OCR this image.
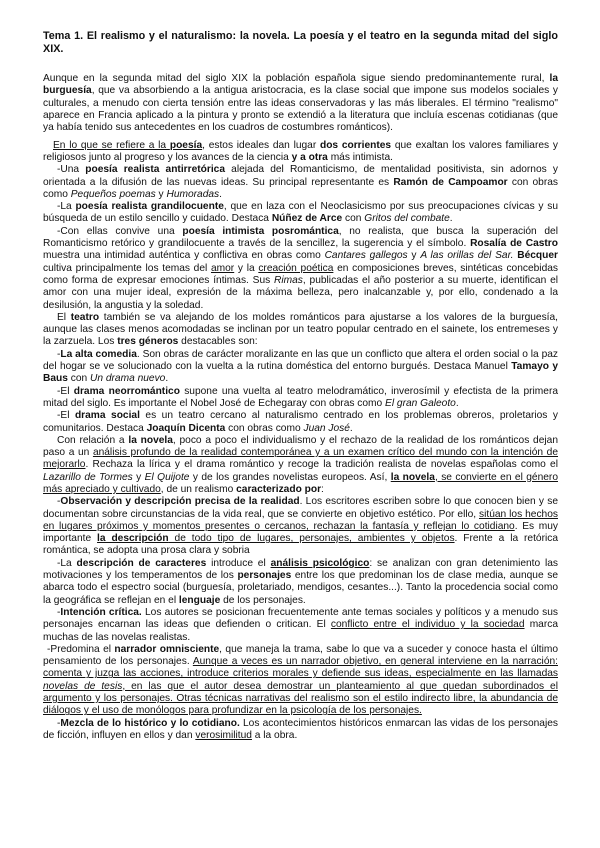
Tema 1. El realismo y el naturalismo: la novela. La poesía y el teatro en la segunda mitad del siglo XIX.

Aunque en la segunda mitad del siglo XIX la población española sigue siendo predominantemente rural, la burguesía, que va absorbiendo a la antigua aristocracia, es la clase social que impone sus modelos sociales y culturales, a menudo con cierta tensión entre las ideas conservadoras y las más liberales. El término "realismo" aparece en Francia aplicado a la pintura y pronto se extendió a la literatura que incluía escenas cotidianas (que ya había tenido sus antecedentes en los cuadros de costumbres románticos).

En lo que se refiere a la poesía, estos ideales dan lugar dos corrientes que exaltan los valores familiares y religiosos junto al progreso y los avances de la ciencia y a otra más intimista.

-Una poesía realista antirretórica alejada del Romanticismo, de mentalidad positivista, sin adornos y orientada a la difusión de las nuevas ideas. Su principal representante es Ramón de Campoamor con obras como Pequeños poemas y Humoradas.

-La poesía realista grandilocuente, que en laza con el Neoclasicismo por sus preocupaciones cívicas y su búsqueda de un estilo sencillo y cuidado. Destaca Núñez de Arce con Gritos del combate.

-Con ellas convive una poesía intimista posromántica, no realista, que busca la superación del Romanticismo retórico y grandilocuente a través de la sencillez, la sugerencia y el símbolo. Rosalía de Castro muestra una intimidad auténtica y conflictiva en obras como Cantares gallegos y A las orillas del Sar. Bécquer cultiva principalmente los temas del amor y la creación poética en composiciones breves, sintéticas concebidas como forma de expresar emociones íntimas. Sus Rimas, publicadas el año posterior a su muerte, identifican el amor con una mujer ideal, expresión de la máxima belleza, pero inalcanzable y, por ello, condenado a la desilusión, la angustia y la soledad.

El teatro también se va alejando de los moldes románticos para ajustarse a los valores de la burguesía, aunque las clases menos acomodadas se inclinan por un teatro popular centrado en el sainete, los entremeses y la zarzuela. Los tres géneros destacables son:

-La alta comedia. Son obras de carácter moralizante en las que un conflicto que altera el orden social o la paz del hogar se ve solucionado con la vuelta a la rutina doméstica del entorno burgués. Destaca Manuel Tamayo y Baus con Un drama nuevo.

-El drama neorromántico supone una vuelta al teatro melodramático, inverosímil y efectista de la primera mitad del siglo. Es importante el Nobel José de Echegaray con obras como El gran Galeoto.

-El drama social es un teatro cercano al naturalismo centrado en los problemas obreros, proletarios y comunitarios. Destaca Joaquín Dicenta con obras como Juan José.

Con relación a la novela, poco a poco el individualismo y el rechazo de la realidad de los románticos dejan paso a un análisis profundo de la realidad contemporánea y a un examen crítico del mundo con la intención de mejorarlo. Rechaza la lírica y el drama romántico y recoge la tradición realista de novelas españolas como el Lazarillo de Tormes y El Quijote y de los grandes novelistas europeos. Así, la novela, se convierte en el género más apreciado y cultivado, de un realismo caracterizado por:

-Observación y descripción precisa de la realidad. Los escritores escriben sobre lo que conocen bien y se documentan sobre circunstancias de la vida real, que se convierte en objetivo estético. Por ello, sitúan los hechos en lugares próximos y momentos presentes o cercanos, rechazan la fantasía y reflejan lo cotidiano. Es muy importante la descripción de todo tipo de lugares, personajes, ambientes y objetos. Frente a la retórica romántica, se adopta una prosa clara y sobria

-La descripción de caracteres introduce el análisis psicológico: se analizan con gran detenimiento las motivaciones y los temperamentos de los personajes entre los que predominan los de clase media, aunque se abarca todo el espectro social (burguesía, proletariado, mendigos, cesantes...). Tanto la procedencia social como la geográfica se reflejan en el lenguaje de los personajes.

-Intención crítica. Los autores se posicionan frecuentemente ante temas sociales y políticos y a menudo sus personajes encarnan las ideas que defienden o critican. El conflicto entre el individuo y la sociedad marca muchas de las novelas realistas.

-Predomina el narrador omnisciente, que maneja la trama, sabe lo que va a suceder y conoce hasta el último pensamiento de los personajes. Aunque a veces es un narrador objetivo, en general interviene en la narración: comenta y juzga las acciones, introduce criterios morales y defiende sus ideas, especialmente en las llamadas novelas de tesis, en las que el autor desea demostrar un planteamiento al que quedan subordinados el argumento y los personajes. Otras técnicas narrativas del realismo son el estilo indirecto libre, la abundancia de diálogos y el uso de monólogos para profundizar en la psicología de los personajes.

-Mezcla de lo histórico y lo cotidiano. Los acontecimientos históricos enmarcan las vidas de los personajes de ficción, influyen en ellos y dan verosimilitud a la obra.
